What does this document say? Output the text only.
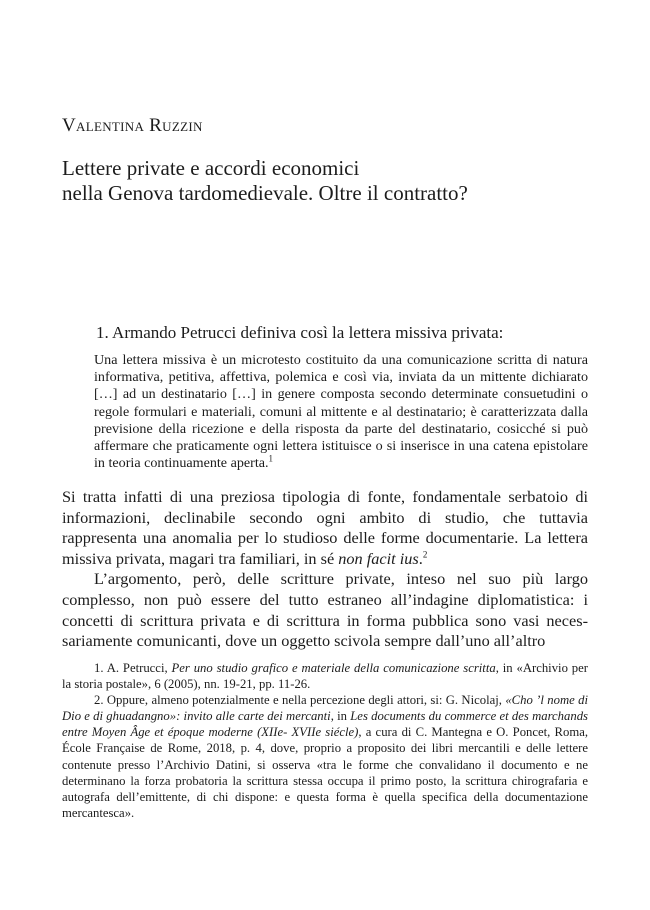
Valentina Ruzzin
Lettere private e accordi economici
nella Genova tardomedievale. Oltre il contratto?
1. Armando Petrucci definiva così la lettera missiva privata:
Una lettera missiva è un microtesto costituito da una comunicazione scritta di natura informativa, petitiva, affettiva, polemica e così via, inviata da un mittente dichiarato […] ad un destinatario […] in genere composta secondo determinate consuetudini o regole formulari e materiali, comuni al mittente e al destinatario; è caratterizzata dalla previsione della ricezione e della risposta da parte del destinatario, cosicché si può affermare che praticamente ogni lettera istituisce o si inserisce in una catena epistolare in teoria continuamente aperta.$^1$

Si tratta infatti di una preziosa tipologia di fonte, fondamentale serbatoio di informazioni, declinabile secondo ogni ambito di studio, che tuttavia rappresenta una anomalia per lo studioso delle forme documentarie. La lettera missiva privata, magari tra familiari, in sé non facit ius.$^2$

L’argomento, però, delle scritture private, inteso nel suo più largo complesso, non può essere del tutto estraneo all’indagine diplomatistica: i concetti di scrittura privata e di scrittura in forma pubblica sono vasi neces-sariamente comunicanti, dove un oggetto scivola sempre dall’uno all’altro

1. A. Petrucci, Per uno studio grafico e materiale della comunicazione scritta, in «Archivio per la storia postale», 6 (2005), nn. 19-21, pp. 11-26.

2. Oppure, almeno potenzialmente e nella percezione degli attori, si: G. Nicolaj, «Cho ’l nome di Dio e di ghuadangno»: invito alle carte dei mercanti, in Les documents du commerce et des marchands entre Moyen Âge et époque moderne (XIIe- XVIIe siécle), a cura di C. Mantegna e O. Poncet, Roma, École Française de Rome, 2018, p. 4, dove, proprio a proposito dei libri mercantili e delle lettere contenute presso l’Archivio Datini, si osserva «tra le forme che convalidano il documento e ne determinano la forza probatoria la scrittura stessa occupa il primo posto, la scrittura chirografaria e autografa dell’emittente, di chi dispone: e questa forma è quella specifica della documentazione mercantesca».
